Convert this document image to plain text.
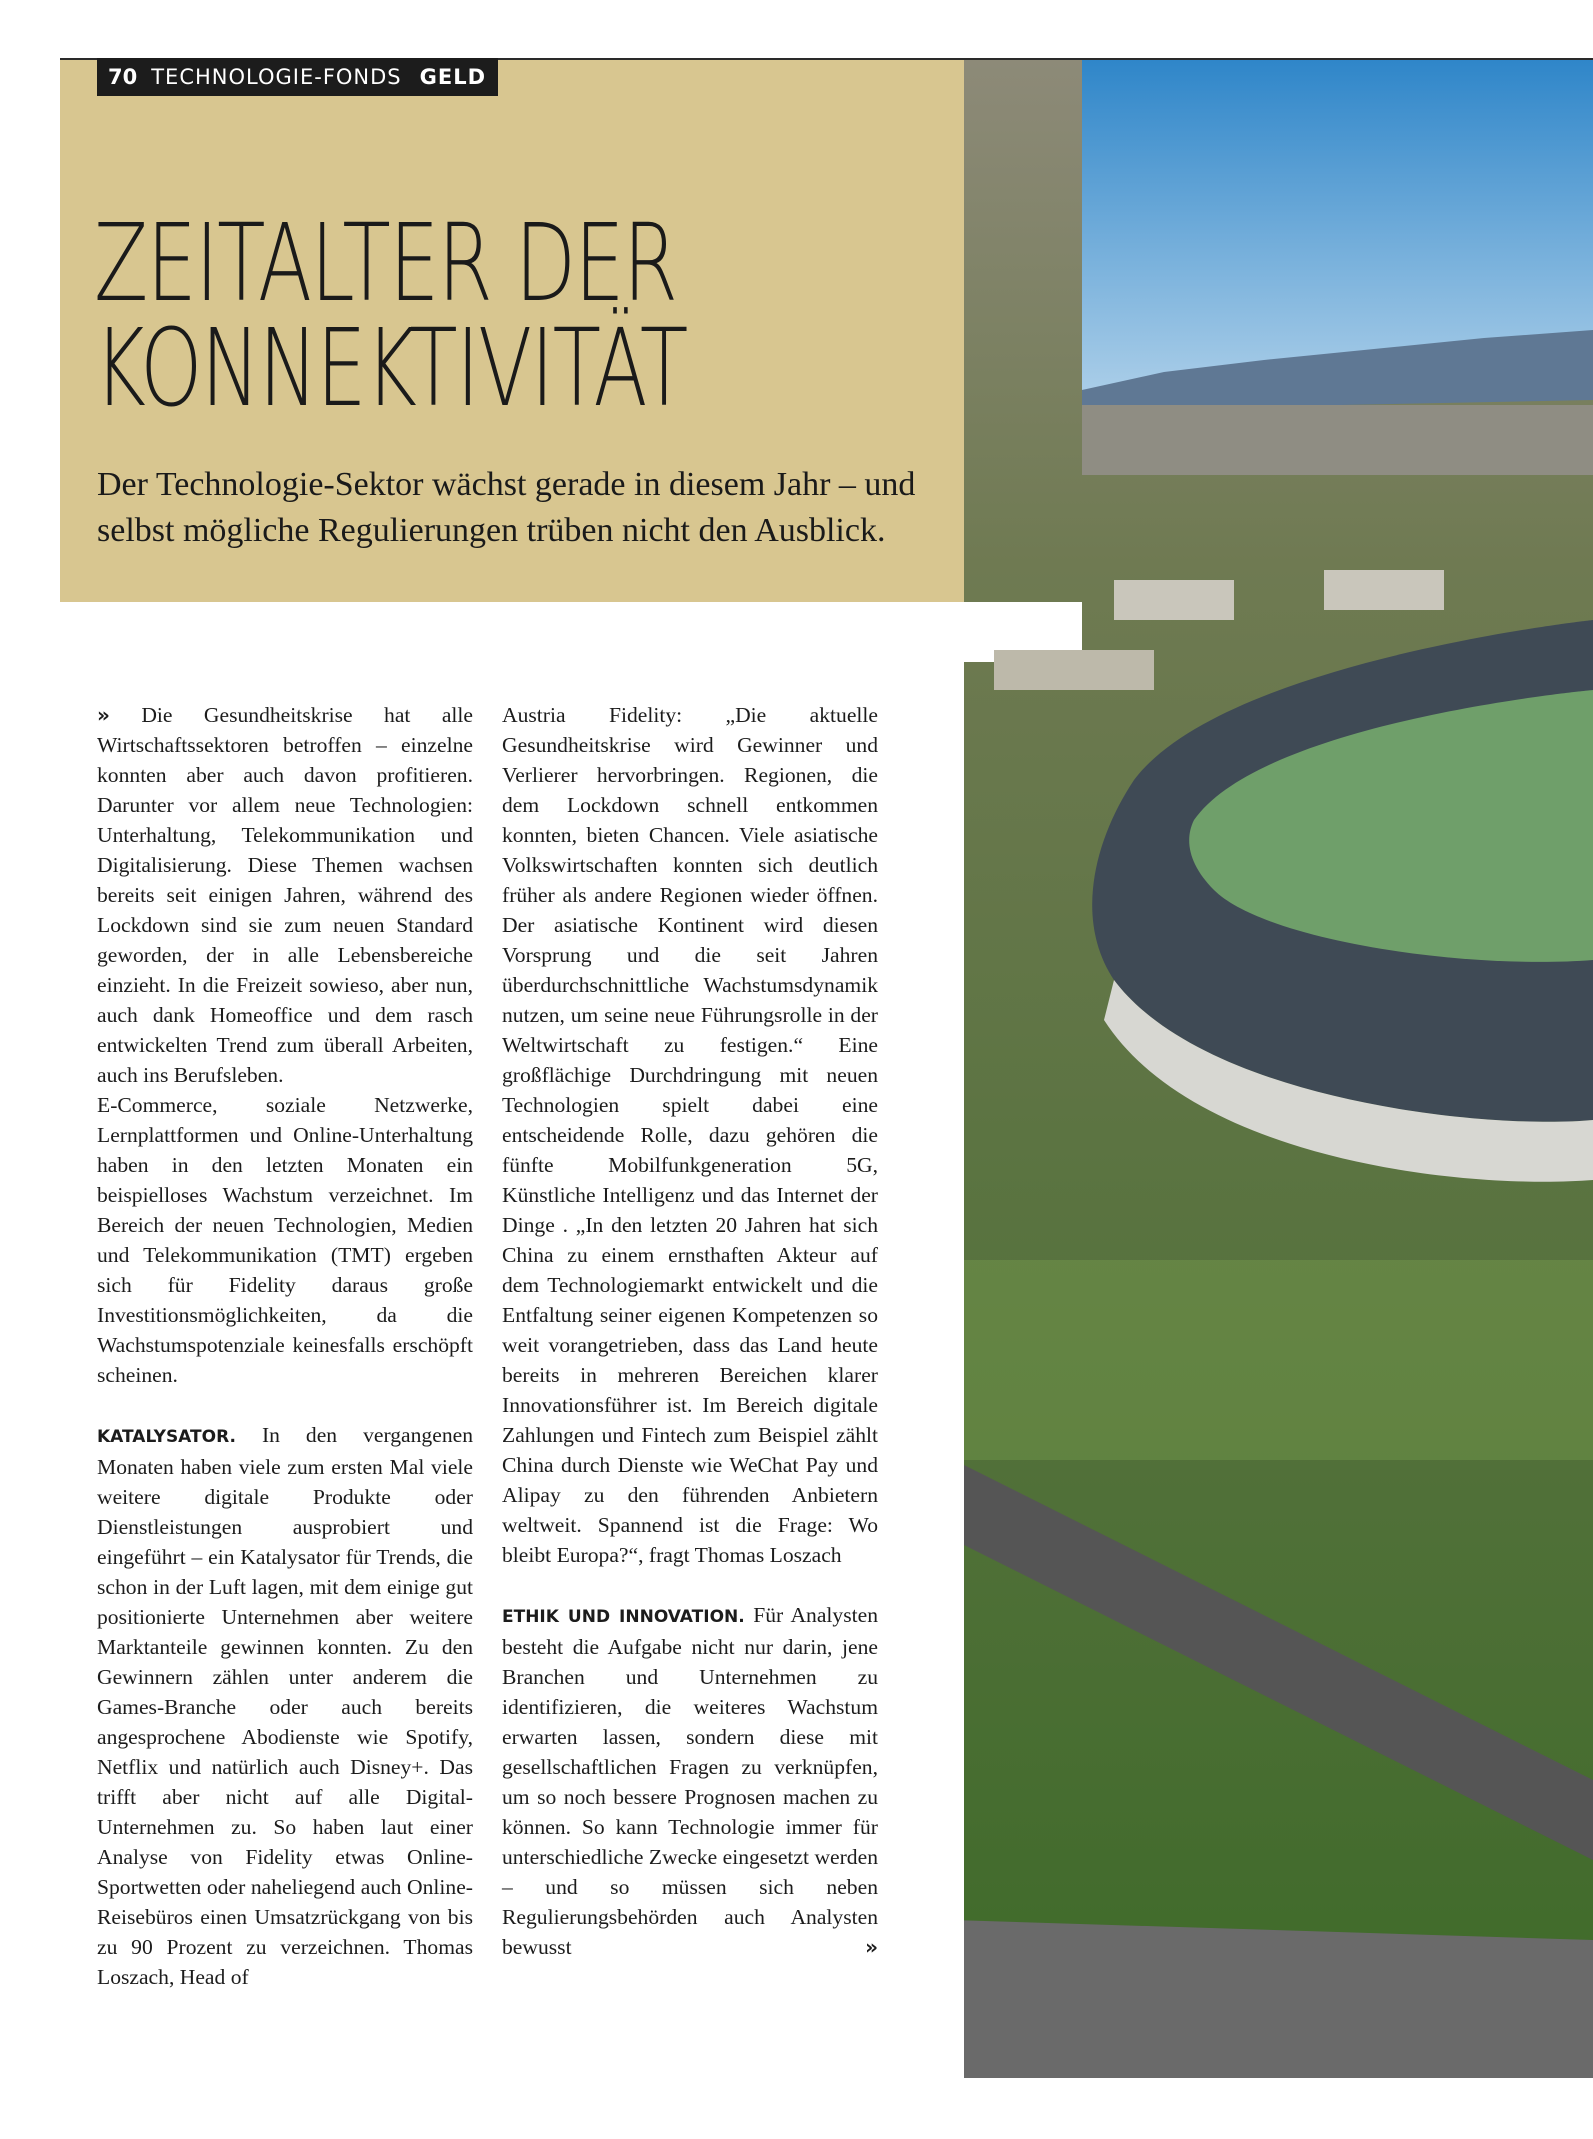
70 TECHNOLOGIE-FONDS GELD
ZEITALTER DER
KONNEKTIVITÄT

Der Technologie-Sektor wächst gerade in diesem Jahr – und selbst mögliche Regulierungen trüben nicht den Ausblick.

» Die Gesundheitskrise hat alle Wirtschaftssektoren betroffen – einzelne konnten aber auch davon profitieren. Darunter vor allem neue Technologien: Unterhaltung, Telekommunikation und Digitalisierung. Diese Themen wachsen bereits seit einigen Jahren, während des Lockdown sind sie zum neuen Standard geworden, der in alle Lebensbereiche einzieht. In die Freizeit sowieso, aber nun, auch dank Homeoffice und dem rasch entwickelten Trend zum überall Arbeiten, auch ins Berufsleben.

E-Commerce, soziale Netzwerke, Lernplattformen und Online-Unterhaltung haben in den letzten Monaten ein beispielloses Wachstum verzeichnet. Im Bereich der neuen Technologien, Medien und Telekommunikation (TMT) ergeben sich für Fidelity daraus große Investitionsmöglichkeiten, da die Wachstumspotenziale keinesfalls erschöpft scheinen.

KATALYSATOR. In den vergangenen Monaten haben viele zum ersten Mal viele weitere digitale Produkte oder Dienstleistungen ausprobiert und eingeführt – ein Katalysator für Trends, die schon in der Luft lagen, mit dem einige gut positionierte Unternehmen aber weitere Marktanteile gewinnen konnten. Zu den Gewinnern zählen unter anderem die Games-Branche oder auch bereits angesprochene Abodienste wie Spotify, Netflix und natürlich auch Disney+. Das trifft aber nicht auf alle Digital-Unternehmen zu. So haben laut einer Analyse von Fidelity etwas Online-Sportwetten oder naheliegend auch Online-Reisebüros einen Umsatzrückgang von bis zu 90 Prozent zu verzeichnen. Thomas Loszach, Head of

Austria Fidelity: „Die aktuelle Gesundheitskrise wird Gewinner und Verlierer hervorbringen. Regionen, die dem Lockdown schnell entkommen konnten, bieten Chancen. Viele asiatische Volkswirtschaften konnten sich deutlich früher als andere Regionen wieder öffnen. Der asiatische Kontinent wird diesen Vorsprung und die seit Jahren überdurchschnittliche Wachstumsdynamik nutzen, um seine neue Führungsrolle in der Weltwirtschaft zu festigen.“ Eine großflächige Durchdringung mit neuen Technologien spielt dabei eine entscheidende Rolle, dazu gehören die fünfte Mobilfunkgeneration 5G, Künstliche Intelligenz und das Internet der Dinge . „In den letzten 20 Jahren hat sich China zu einem ernsthaften Akteur auf dem Technologiemarkt entwickelt und die Entfaltung seiner eigenen Kompetenzen so weit vorangetrieben, dass das Land heute bereits in mehreren Bereichen klarer Innovationsführer ist. Im Bereich digitale Zahlungen und Fintech zum Beispiel zählt China durch Dienste wie WeChat Pay und Alipay zu den führenden Anbietern weltweit. Spannend ist die Frage: Wo bleibt Europa?“, fragt Thomas Loszach

ETHIK UND INNOVATION. Für Analysten besteht die Aufgabe nicht nur darin, jene Branchen und Unternehmen zu identifizieren, die weiteres Wachstum erwarten lassen, sondern diese mit gesellschaftlichen Fragen zu verknüpfen, um so noch bessere Prognosen machen zu können. So kann Technologie immer für unterschiedliche Zwecke eingesetzt werden – und so müssen sich neben Regulierungsbehörden auch Analysten bewusst	»
